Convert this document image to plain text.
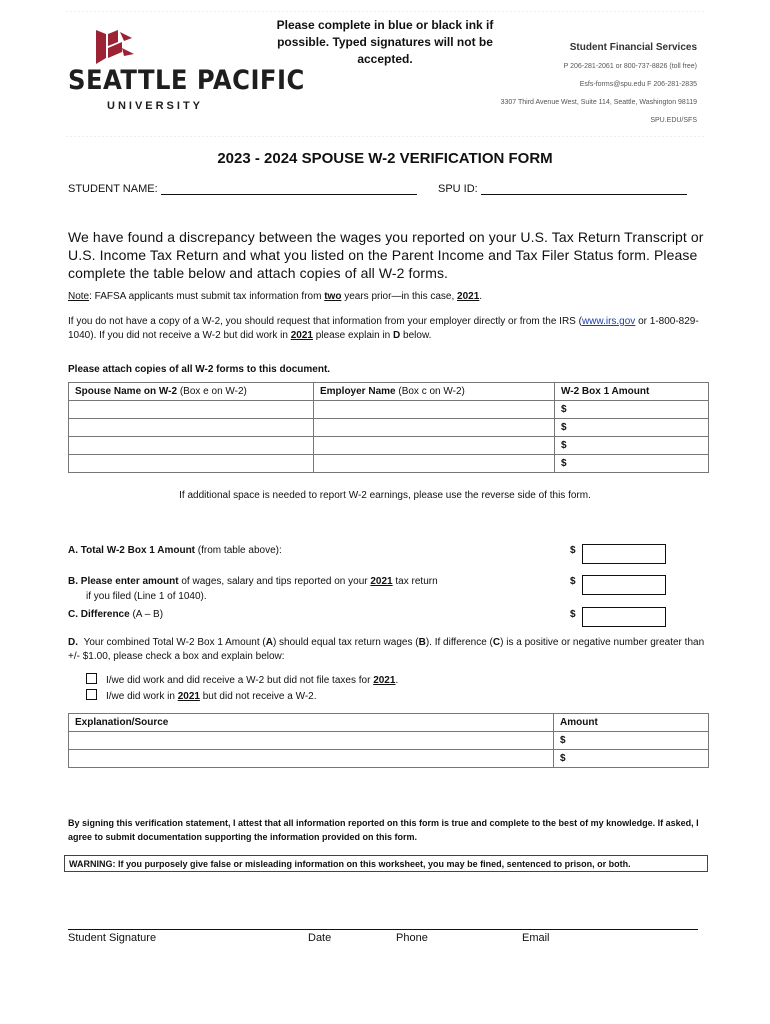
SEATTLE PACIFIC
UNIVERSITY
Please complete in blue or black ink if possible. Typed signatures will not be accepted.
Student Financial Services
P 206-281-2061 or 800-737-8826 (toll free)
Esfs-forms@spu.edu F 206-281-2835
3307 Third Avenue West, Suite 114, Seattle, Washington 98119
SPU.EDU/SFS
2023 - 2024 SPOUSE W-2 VERIFICATION FORM
STUDENT NAME:	SPU ID:
We have found a discrepancy between the wages you reported on your U.S. Tax Return Transcript or U.S. Income Tax Return and what you listed on the Parent Income and Tax Filer Status form. Please complete the table below and attach copies of all W-2 forms.
Note: FAFSA applicants must submit tax information from two years prior—in this case, 2021.
If you do not have a copy of a W-2, you should request that information from your employer directly or from the IRS (www.irs.gov or 1-800-829-1040). If you did not receive a W-2 but did work in 2021 please explain in D below.
Please attach copies of all W-2 forms to this document.
Spouse Name on W-2 (Box e on W-2)	Employer Name (Box c on W-2)	W-2 Box 1 Amount
		$
		$
		$
		$
If additional space is needed to report W-2 earnings, please use the reverse side of this form.
A. Total W-2 Box 1 Amount (from table above):	$
B. Please enter amount of wages, salary and tips reported on your 2021 tax return
if you filed (Line 1 of 1040).
$
C. Difference (A – B)	$
D. Your combined Total W-2 Box 1 Amount (A) should equal tax return wages (B). If difference (C) is a positive or negative number greater than +/- $1.00, please check a box and explain below:
I/we did work and did receive a W-2 but did not file taxes for 2021.
I/we did work in 2021 but did not receive a W-2.
Explanation/Source	Amount
	$
	$
By signing this verification statement, I attest that all information reported on this form is true and complete to the best of my knowledge. If asked, I agree to submit documentation supporting the information provided on this form.
WARNING: If you purposely give false or misleading information on this worksheet, you may be fined, sentenced to prison, or both.
Student Signature	Date	Phone	Email
